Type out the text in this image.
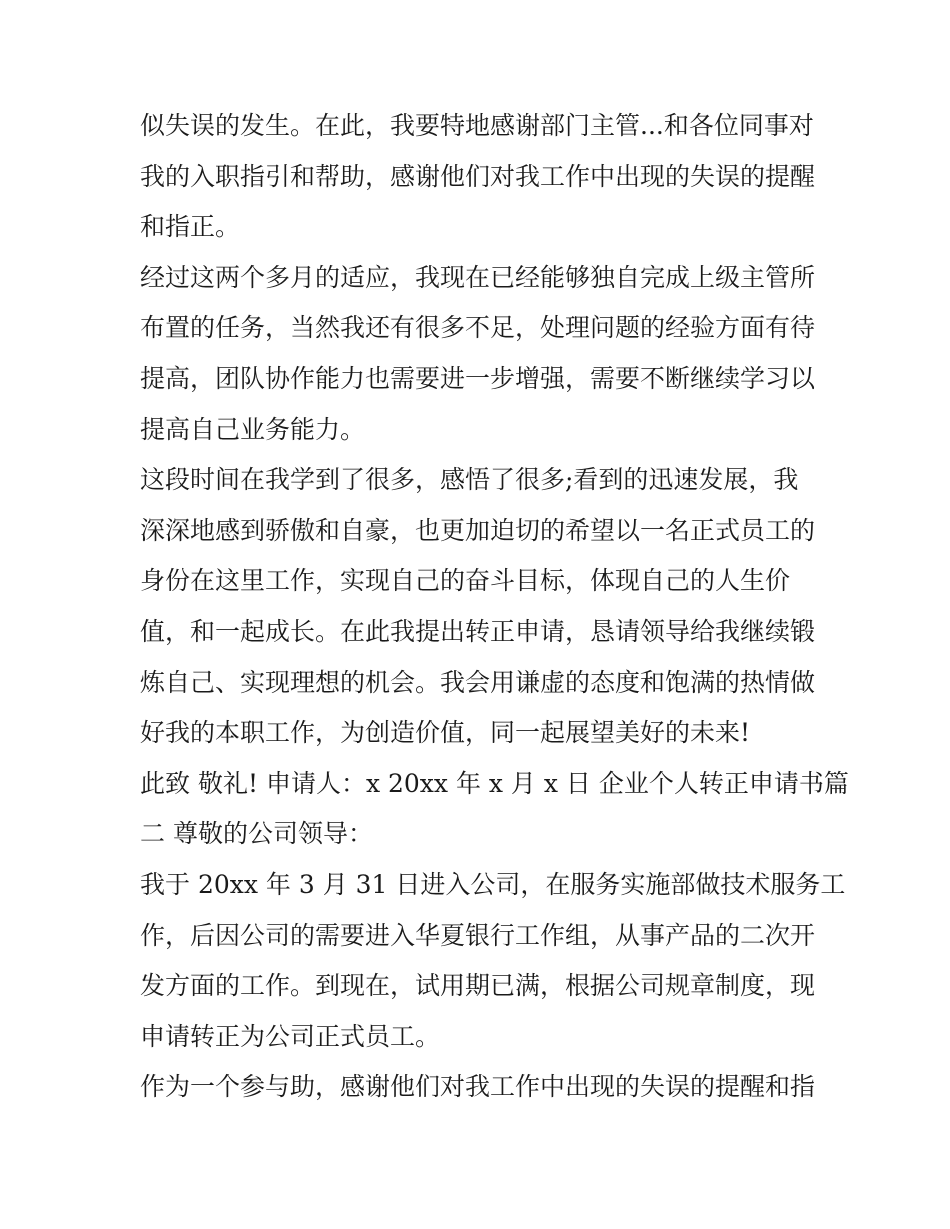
似失误的发生。在此，我要特地感谢部门主管...和各位同事对
我的入职指引和帮助，感谢他们对我工作中出现的失误的提醒
和指正。
经过这两个多月的适应，我现在已经能够独自完成上级主管所
布置的任务，当然我还有很多不足，处理问题的经验方面有待
提高，团队协作能力也需要进一步增强，需要不断继续学习以
提高自己业务能力。
这段时间在我学到了很多，感悟了很多;看到的迅速发展，我
深深地感到骄傲和自豪，也更加迫切的希望以一名正式员工的
身份在这里工作，实现自己的奋斗目标，体现自己的人生价
值，和一起成长。在此我提出转正申请，恳请领导给我继续锻
炼自己、实现理想的机会。我会用谦虚的态度和饱满的热情做
好我的本职工作，为创造价值，同一起展望美好的未来!
此致 敬礼! 申请人：x 20xx 年 x 月 x 日 企业个人转正申请书篇
二 尊敬的公司领导：
我于 20xx 年 3 月 31 日进入公司，在服务实施部做技术服务工
作，后因公司的需要进入华夏银行工作组，从事产品的二次开
发方面的工作。到现在，试用期已满，根据公司规章制度，现
申请转正为公司正式员工。
作为一个参与助，感谢他们对我工作中出现的失误的提醒和指
